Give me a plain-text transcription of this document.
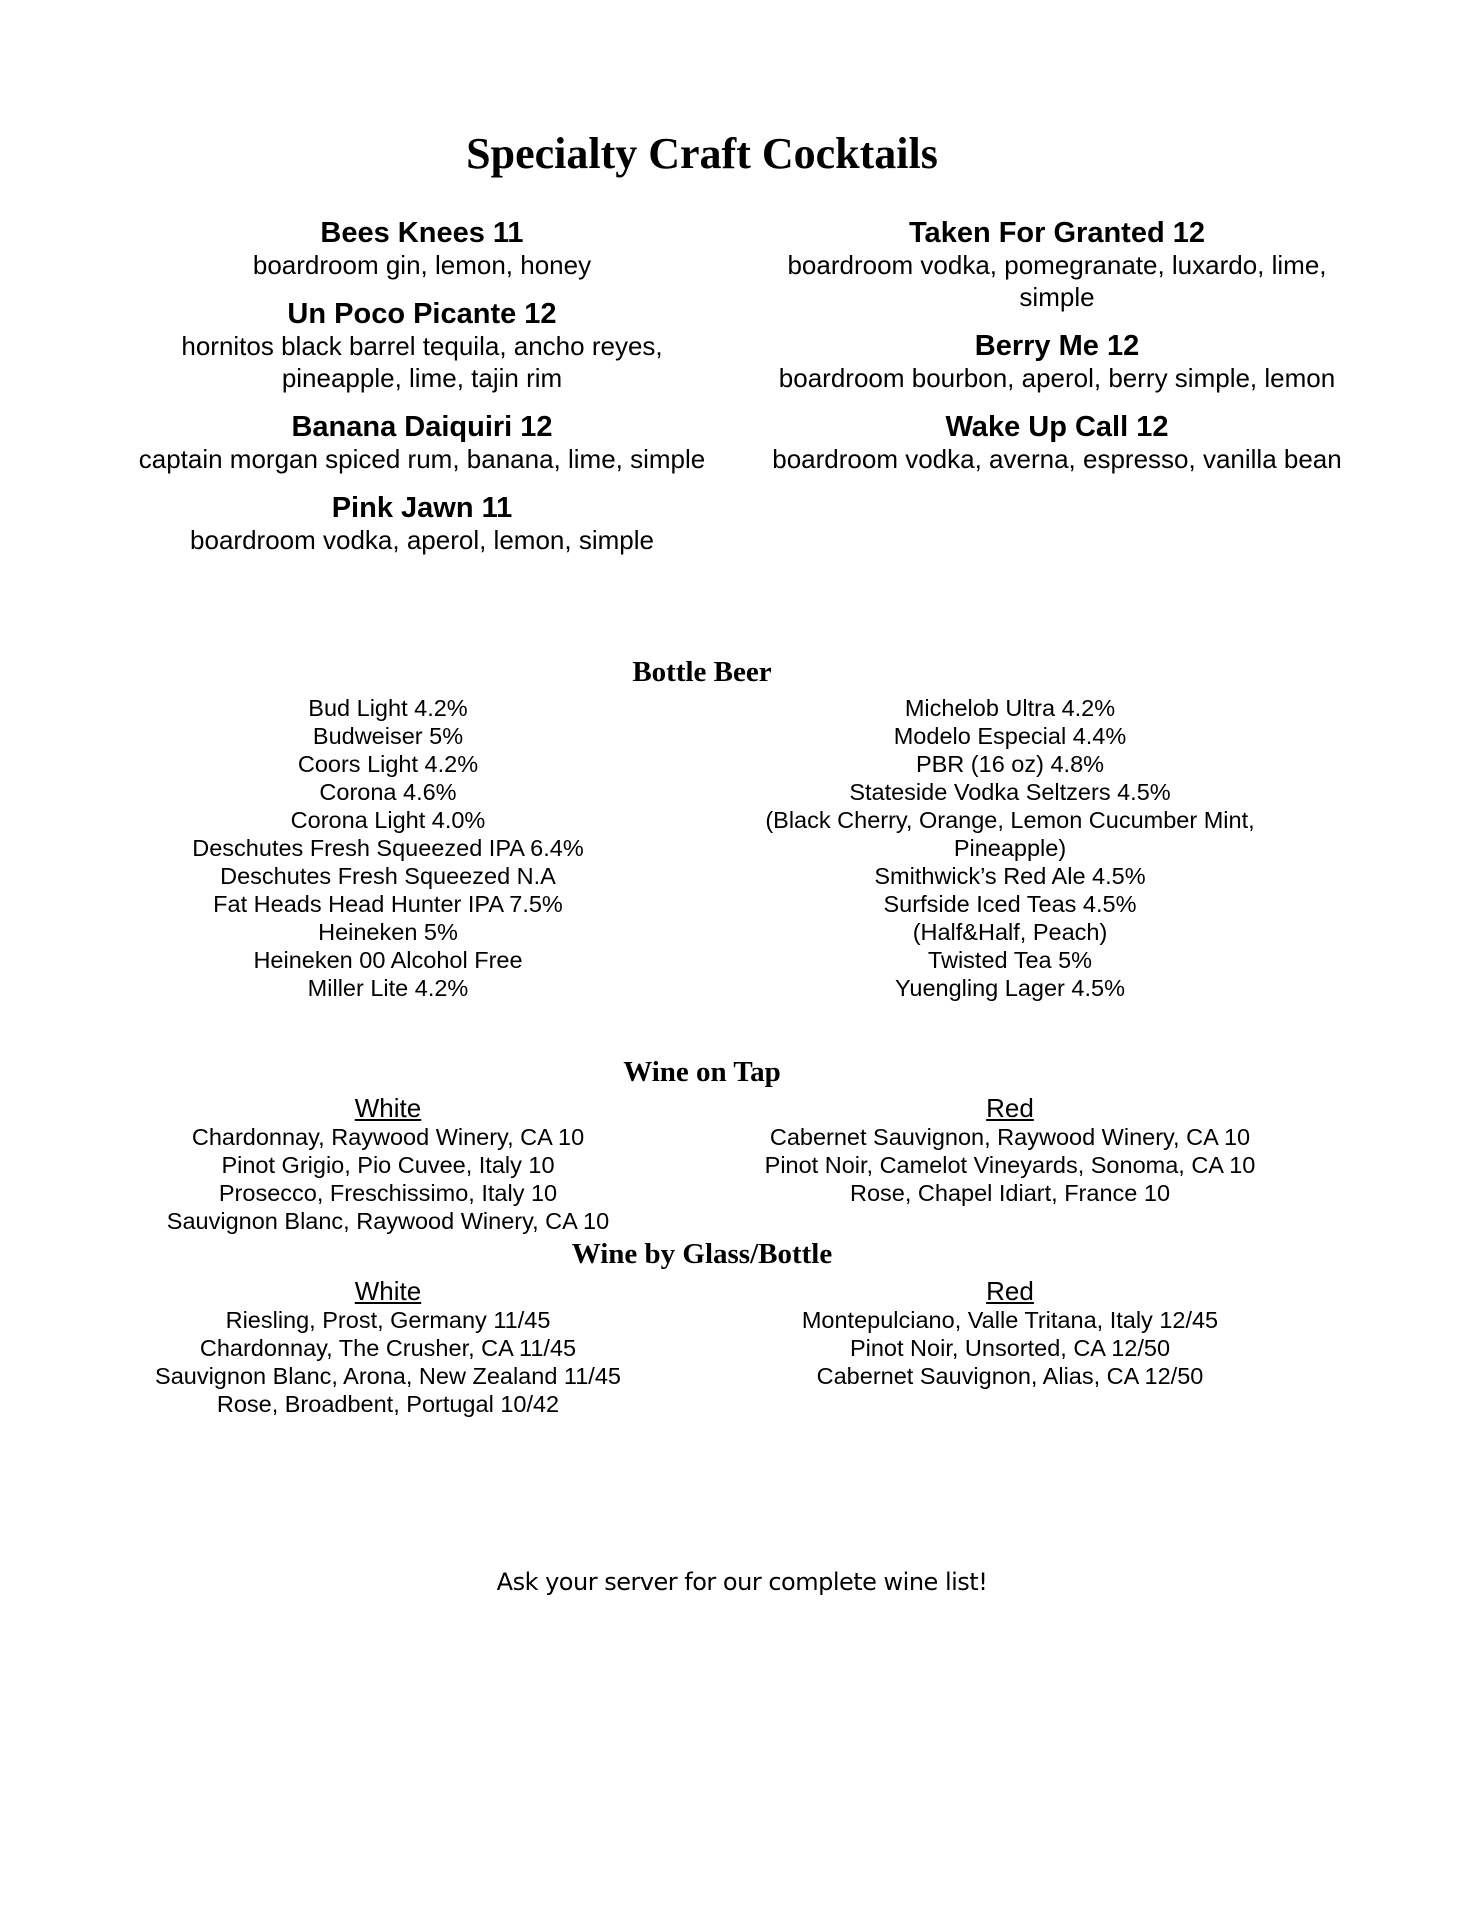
Specialty Craft Cocktails
Bees Knees 11
boardroom gin, lemon, honey
Un Poco Picante 12
hornitos black barrel tequila, ancho reyes, pineapple, lime, tajin rim
Banana Daiquiri 12
captain morgan spiced rum, banana, lime, simple
Pink Jawn 11
boardroom vodka, aperol, lemon, simple
Taken For Granted 12
boardroom vodka, pomegranate, luxardo, lime, simple
Berry Me 12
boardroom bourbon, aperol, berry simple, lemon
Wake Up Call 12
boardroom vodka, averna, espresso, vanilla bean
Bottle Beer
Bud Light 4.2%
Budweiser 5%
Coors Light 4.2%
Corona 4.6%
Corona Light 4.0%
Deschutes Fresh Squeezed IPA 6.4%
Deschutes Fresh Squeezed N.A
Fat Heads Head Hunter IPA 7.5%
Heineken 5%
Heineken 00 Alcohol Free
Miller Lite 4.2%
Michelob Ultra 4.2%
Modelo Especial 4.4%
PBR (16 oz) 4.8%
Stateside Vodka Seltzers 4.5%
(Black Cherry, Orange, Lemon Cucumber Mint,
Pineapple)
Smithwick’s Red Ale 4.5%
Surfside Iced Teas 4.5%
(Half&Half, Peach)
Twisted Tea 5%
Yuengling Lager 4.5%
Wine on Tap
White
Chardonnay, Raywood Winery, CA 10
Pinot Grigio, Pio Cuvee, Italy 10
Prosecco, Freschissimo, Italy 10
Sauvignon Blanc, Raywood Winery, CA 10
Red
Cabernet Sauvignon, Raywood Winery, CA 10
Pinot Noir, Camelot Vineyards, Sonoma, CA 10
Rose, Chapel Idiart, France 10
Wine by Glass/Bottle
White
Riesling, Prost, Germany 11/45
Chardonnay, The Crusher, CA 11/45
Sauvignon Blanc, Arona, New Zealand 11/45
Rose, Broadbent, Portugal 10/42
Red
Montepulciano, Valle Tritana, Italy 12/45
Pinot Noir, Unsorted, CA 12/50
Cabernet Sauvignon, Alias, CA 12/50
Ask your server for our complete wine list!
